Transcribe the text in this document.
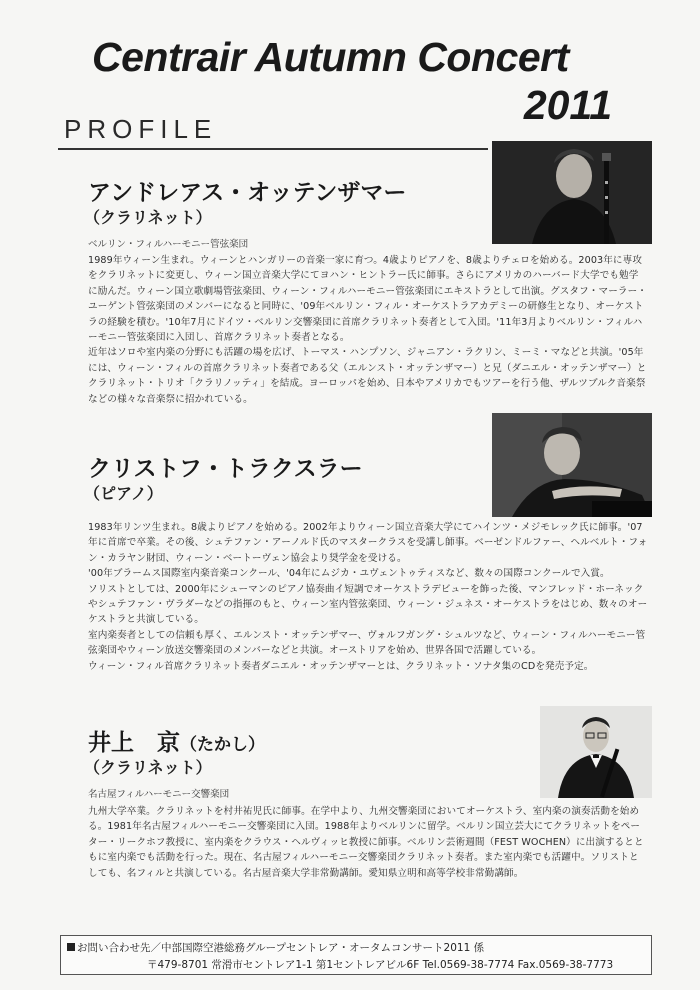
Centrair Autumn Concert
2011
PROFILE
アンドレアス・オッテンザマー
（クラリネット）
ベルリン・フィルハーモニー管弦楽団

1989年ウィーン生まれ。ウィーンとハンガリーの音楽一家に育つ。4歳よりピアノを、8歳よりチェロを始める。2003年に専攻をクラリネットに変更し、ウィーン国立音楽大学にてヨハン・ヒントラー氏に師事。さらにアメリカのハーバード大学でも勉学に励んだ。ウィーン国立歌劇場管弦楽団、ウィーン・フィルハーモニー管弦楽団にエキストラとして出演。グスタフ・マーラー・ユーゲント管弦楽団のメンバーになると同時に、'09年ベルリン・フィル・オーケストラアカデミーの研修生となり、オーケストラの経験を積む。'10年7月にドイツ・ベルリン交響楽団に首席クラリネット奏者として入団。'11年3月よりベルリン・フィルハーモニー管弦楽団に入団し、首席クラリネット奏者となる。

近年はソロや室内楽の分野にも活躍の場を広げ、トーマス・ハンプソン、ジャニアン・ラクリン、ミーミ・マなどと共演。'05年には、ウィーン・フィルの首席クラリネット奏者である父（エルンスト・オッテンザマー）と兄（ダニエル・オッテンザマー）とクラリネット・トリオ「クラリノッティ」を結成。ヨーロッパを始め、日本やアメリカでもツアーを行う他、ザルツブルク音楽祭などの様々な音楽祭に招かれている。

クリストフ・トラクスラー
（ピアノ）

1983年リンツ生まれ。8歳よりピアノを始める。2002年よりウィーン国立音楽大学にてハインツ・メジモレック氏に師事。'07年に首席で卒業。その後、シュテファン・アーノルド氏のマスタークラスを受講し師事。ベーゼンドルファー、ヘルベルト・フォン・カラヤン財団、ウィーン・ベートーヴェン協会より奨学金を受ける。

'00年ブラームス国際室内楽音楽コンクール、'04年にムジカ・ユヴェントゥティスなど、数々の国際コンクールで入賞。

ソリストとしては、2000年にシューマンのピアノ協奏曲イ短調でオーケストラデビューを飾った後、マンフレッド・ホーネックやシュテファン・ヴラダーなどの指揮のもと、ウィーン室内管弦楽団、ウィーン・ジュネス・オーケストラをはじめ、数々のオーケストラと共演している。

室内楽奏者としての信頼も厚く、エルンスト・オッテンザマー、ヴォルフガング・シュルツなど、ウィーン・フィルハーモニー管弦楽団やウィーン放送交響楽団のメンバーなどと共演。オーストリアを始め、世界各国で活躍している。

ウィーン・フィル首席クラリネット奏者ダニエル・オッテンザマーとは、クラリネット・ソナタ集のCDを発売予定。

井上　京（たかし）
（クラリネット）
名古屋フィルハーモニー交響楽団

九州大学卒業。クラリネットを村井祐児氏に師事。在学中より、九州交響楽団においてオーケストラ、室内楽の演奏活動を始める。1981年名古屋フィルハーモニー交響楽団に入団。1988年よりベルリンに留学。ベルリン国立芸大にてクラリネットをペーター・リークホフ教授に、室内楽をクラウス・ヘルヴィッヒ教授に師事。ベルリン芸術週間（FEST WOCHEN）に出演するとともに室内楽でも活動を行った。現在、名古屋フィルハーモニー交響楽団クラリネット奏者。また室内楽でも活躍中。ソリストとしても、名フィルと共演している。名古屋音楽大学非常勤講師。愛知県立明和高等学校非常勤講師。

お問い合わせ先／中部国際空港総務グループセントレア・オータムコンサート2011 係
〒479-8701 常滑市セントレア1-1 第1セントレアビル6F Tel.0569-38-7774 Fax.0569-38-7773
